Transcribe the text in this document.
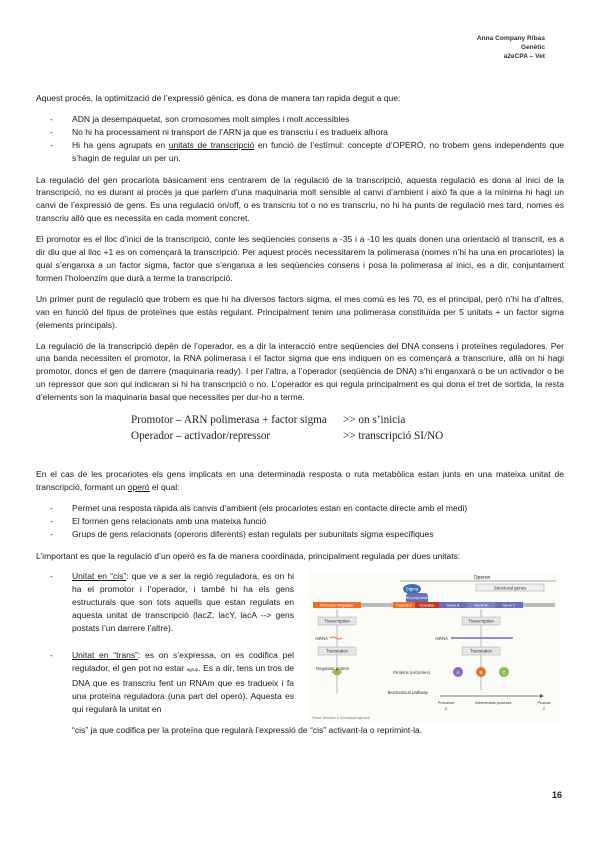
Anna Company Ribas
Genètic
a2eCPA – Vet

Aquest procés, la optimització de l’expressió gènica, es dona de manera tan rapida degut a que:

- ADN ja desempaquetat, son cromosomes molt simples i molt accessibles
- No hi ha processament ni transport de l’ARN ja que es transcriu i es tradueix alhora
- Hi ha gens agrupats en unitats de transcripció en funció de l’estímul: concepte d’OPERÓ, no trobem gens independents que s’hagin de regular un per un.

La regulació del gen procariota bàsicament ens centrarem de la regulació de la transcripció, aquesta regulació es dona al inici de la transcripció, no es durant al procés ja que parlem d’una maquinaria molt sensible al canvi d’ambient i això fa que a la mínima hi hagi un canvi de l’expressió de gens. Es una regulació on/off, o es transcriu tot o no es transcriu, no hi ha punts de regulació mes tard, nomes es transcriu allò que es necessita en cada moment concret.

El promotor es el lloc d’inici de la transcripció, conte les seqüencies consens a -35 i a -10 les quals donen una orientació al transcrit, es a dir diu que al lloc +1 es on començarà la transcripció. Per aquest procés necessitarem la polimerasa (nomes n’hi ha una en procariotes) la qual s’enganxa a un factor sigma, factor que s’enganxa a les seqüencies consens i posa la polimerasa al inici, es a dir, conjuntament formen l’holoenzim que durà a terme la transcripció.

Un primer punt de regulació que trobem es que hi ha diversos factors sigma, el mes comú es les 70, es el principal, però n’hi ha d’altres, van en funció del tipus de proteïnes que estàs regulant. Principalment tenim una polimerasa constituïda per 5 unitats + un factor sigma (elements principals).

La regulació de la transcripció depèn de l’operador, es a dir la interacció entre seqüencies del DNA consens i proteïnes reguladores. Per una banda necessiten el promotor, la RNA polimerasa i el factor sigma que ens indiquen on es començarà a transcriure, allà on hi hagi promotor, doncs el gen de darrere (maquinaria ready). I per l’altra, a l’operador (seqüència de DNA) s’hi enganxarà o be un activador o be un repressor que son qui indicaran si hi ha transcripció o no. L’operador es qui regula principalment es qui dona el tret de sortida, la resta d’elements son la maquinaria basal que necessites per dur-ho a terme.

Promotor – ARN polimerasa + factor sigma >> on s’inicia
Operador – activador/repressor	>> transcripció SI/NO

En el cas de les procariotes els gens implicats en una determinada resposta o ruta metabòlica estan junts en una mateixa unitat de transcripció, formant un operó el qual:

- Permet una resposta ràpida als canvis d’ambient (els procariotes estan en contacte directe amb el medi)
- El formen gens relacionats amb una mateixa funció
- Grups de gens relacionats (operons diferents) estan regulats per subunitats sigma específiques

L’important es que la regulació d’un operó es fa de manera coordinada, principalment regulada per dues unitats:

- Unitat en “cis”: que ve a ser la regió reguladora, es on hi ha el promotor i l’operador, i també hi ha els gens estructurals que son tots aquells que estan regulats en aquesta unitat de transcripció (lacZ, lacY, lacA --> gens postats l’un darrere l’altre).
- Unitat en “trans”: es on s’expressa, on es codifica pel regulador, el gen pot no estar agrup. Es a dir, tens un tros de DNA que es transcriu fent un RNAm que es tradueix i fa una proteïna reguladora (una part del operó). Aquesta es qui regularà la unitat en
Operon
Structural genes
Sigma
RNA polymerase
Promoter Regulator	Promoter Operator	Gene A	Gene B	Gene C
Transcription
mRNA
Translation
Regulator protein
Transcription
mRNA
Translation
Proteins (enzymes)	A	B	C
Biochemical pathway
Precursor
X
Intermediate products	Product
Y
Pierce, Genetics: A Conceptual Approach
“cis” ja que codifica per la proteïna que regularà l’expressió de “cis” activant-la o reprimint-la.
16
